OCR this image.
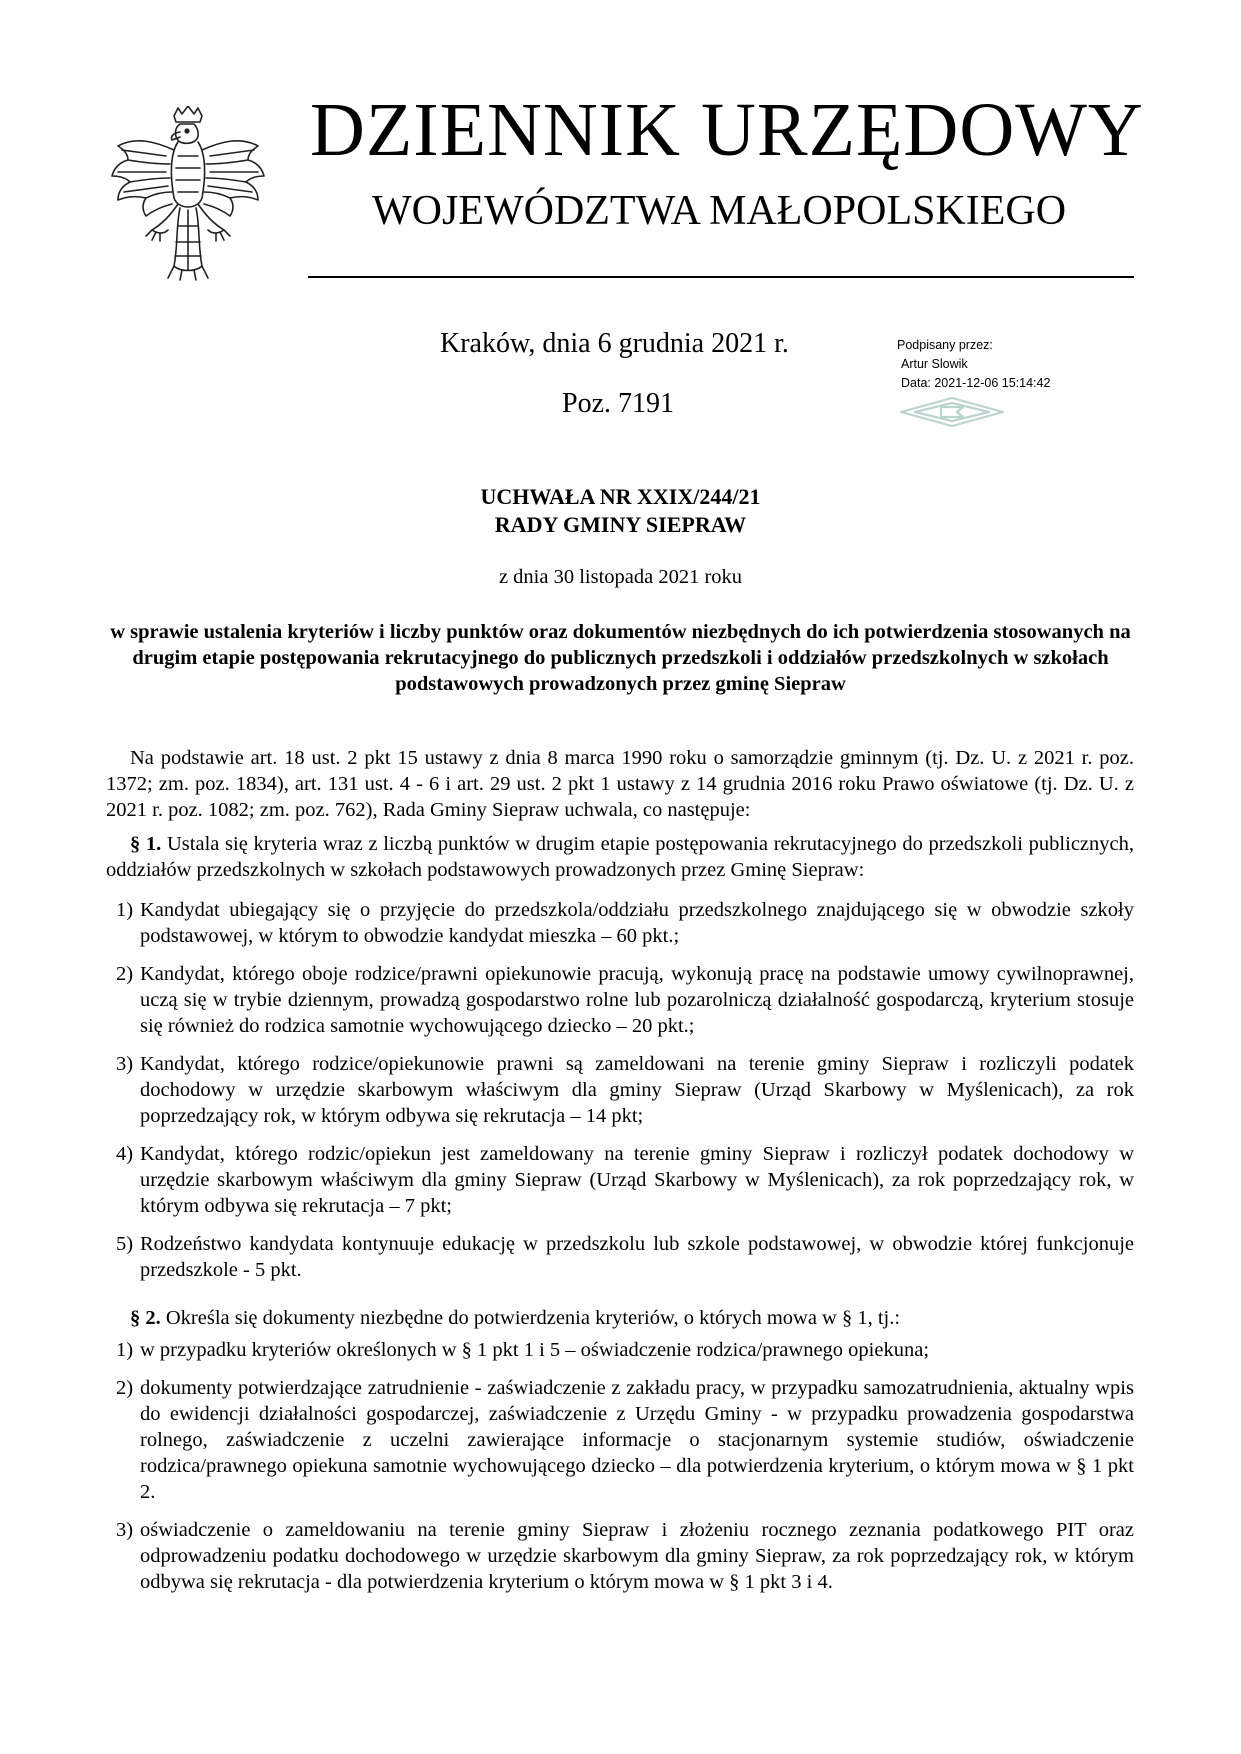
DZIENNIK URZĘDOWY
WOJEWÓDZTWA MAŁOPOLSKIEGO
Kraków, dnia 6 grudnia 2021 r.
Poz. 7191
Podpisany przez:
Artur Slowik
Data: 2021-12-06 15:14:42
UCHWAŁA NR XXIX/244/21
RADY GMINY SIEPRAW
z dnia 30 listopada 2021 roku
w sprawie ustalenia kryteriów i liczby punktów oraz dokumentów niezbędnych do ich potwierdzenia stosowanych na drugim etapie postępowania rekrutacyjnego do publicznych przedszkoli i oddziałów przedszkolnych w szkołach podstawowych prowadzonych przez gminę Siepraw
Na podstawie art. 18 ust. 2 pkt 15 ustawy z dnia 8 marca 1990 roku o samorządzie gminnym (tj. Dz. U. z 2021 r. poz. 1372; zm. poz. 1834), art. 131 ust. 4 - 6 i art. 29 ust. 2 pkt 1 ustawy z 14 grudnia 2016 roku Prawo oświatowe (tj. Dz. U. z 2021 r. poz. 1082; zm. poz. 762), Rada Gminy Siepraw uchwala, co następuje:
§ 1. Ustala się kryteria wraz z liczbą punktów w drugim etapie postępowania rekrutacyjnego do przedszkoli publicznych, oddziałów przedszkolnych w szkołach podstawowych prowadzonych przez Gminę Siepraw:
1) Kandydat ubiegający się o przyjęcie do przedszkola/oddziału przedszkolnego znajdującego się w obwodzie szkoły podstawowej, w którym to obwodzie kandydat mieszka – 60 pkt.;
2) Kandydat, którego oboje rodzice/prawni opiekunowie pracują, wykonują pracę na podstawie umowy cywilnoprawnej, uczą się w trybie dziennym, prowadzą gospodarstwo rolne lub pozarolniczą działalność gospodarczą, kryterium stosuje się również do rodzica samotnie wychowującego dziecko – 20 pkt.;
3) Kandydat, którego rodzice/opiekunowie prawni są zameldowani na terenie gminy Siepraw i rozliczyli podatek dochodowy w urzędzie skarbowym właściwym dla gminy Siepraw (Urząd Skarbowy w Myślenicach), za rok poprzedzający rok, w którym odbywa się rekrutacja – 14 pkt;
4) Kandydat, którego rodzic/opiekun jest zameldowany na terenie gminy Siepraw i rozliczył podatek dochodowy w urzędzie skarbowym właściwym dla gminy Siepraw (Urząd Skarbowy w Myślenicach), za rok poprzedzający rok, w którym odbywa się rekrutacja – 7 pkt;
5) Rodzeństwo kandydata kontynuuje edukację w przedszkolu lub szkole podstawowej, w obwodzie której funkcjonuje przedszkole - 5 pkt.
§ 2. Określa się dokumenty niezbędne do potwierdzenia kryteriów, o których mowa w § 1, tj.:
1) w przypadku kryteriów określonych w § 1 pkt 1 i 5 – oświadczenie rodzica/prawnego opiekuna;
2) dokumenty potwierdzające zatrudnienie - zaświadczenie z zakładu pracy, w przypadku samozatrudnienia, aktualny wpis do ewidencji działalności gospodarczej, zaświadczenie z Urzędu Gminy - w przypadku prowadzenia gospodarstwa rolnego, zaświadczenie z uczelni zawierające informacje o stacjonarnym systemie studiów, oświadczenie rodzica/prawnego opiekuna samotnie wychowującego dziecko – dla potwierdzenia kryterium, o którym mowa w § 1 pkt 2.
3) oświadczenie o zameldowaniu na terenie gminy Siepraw i złożeniu rocznego zeznania podatkowego PIT oraz odprowadzeniu podatku dochodowego w urzędzie skarbowym dla gminy Siepraw, za rok poprzedzający rok, w którym odbywa się rekrutacja - dla potwierdzenia kryterium o którym mowa w § 1 pkt 3 i 4.
